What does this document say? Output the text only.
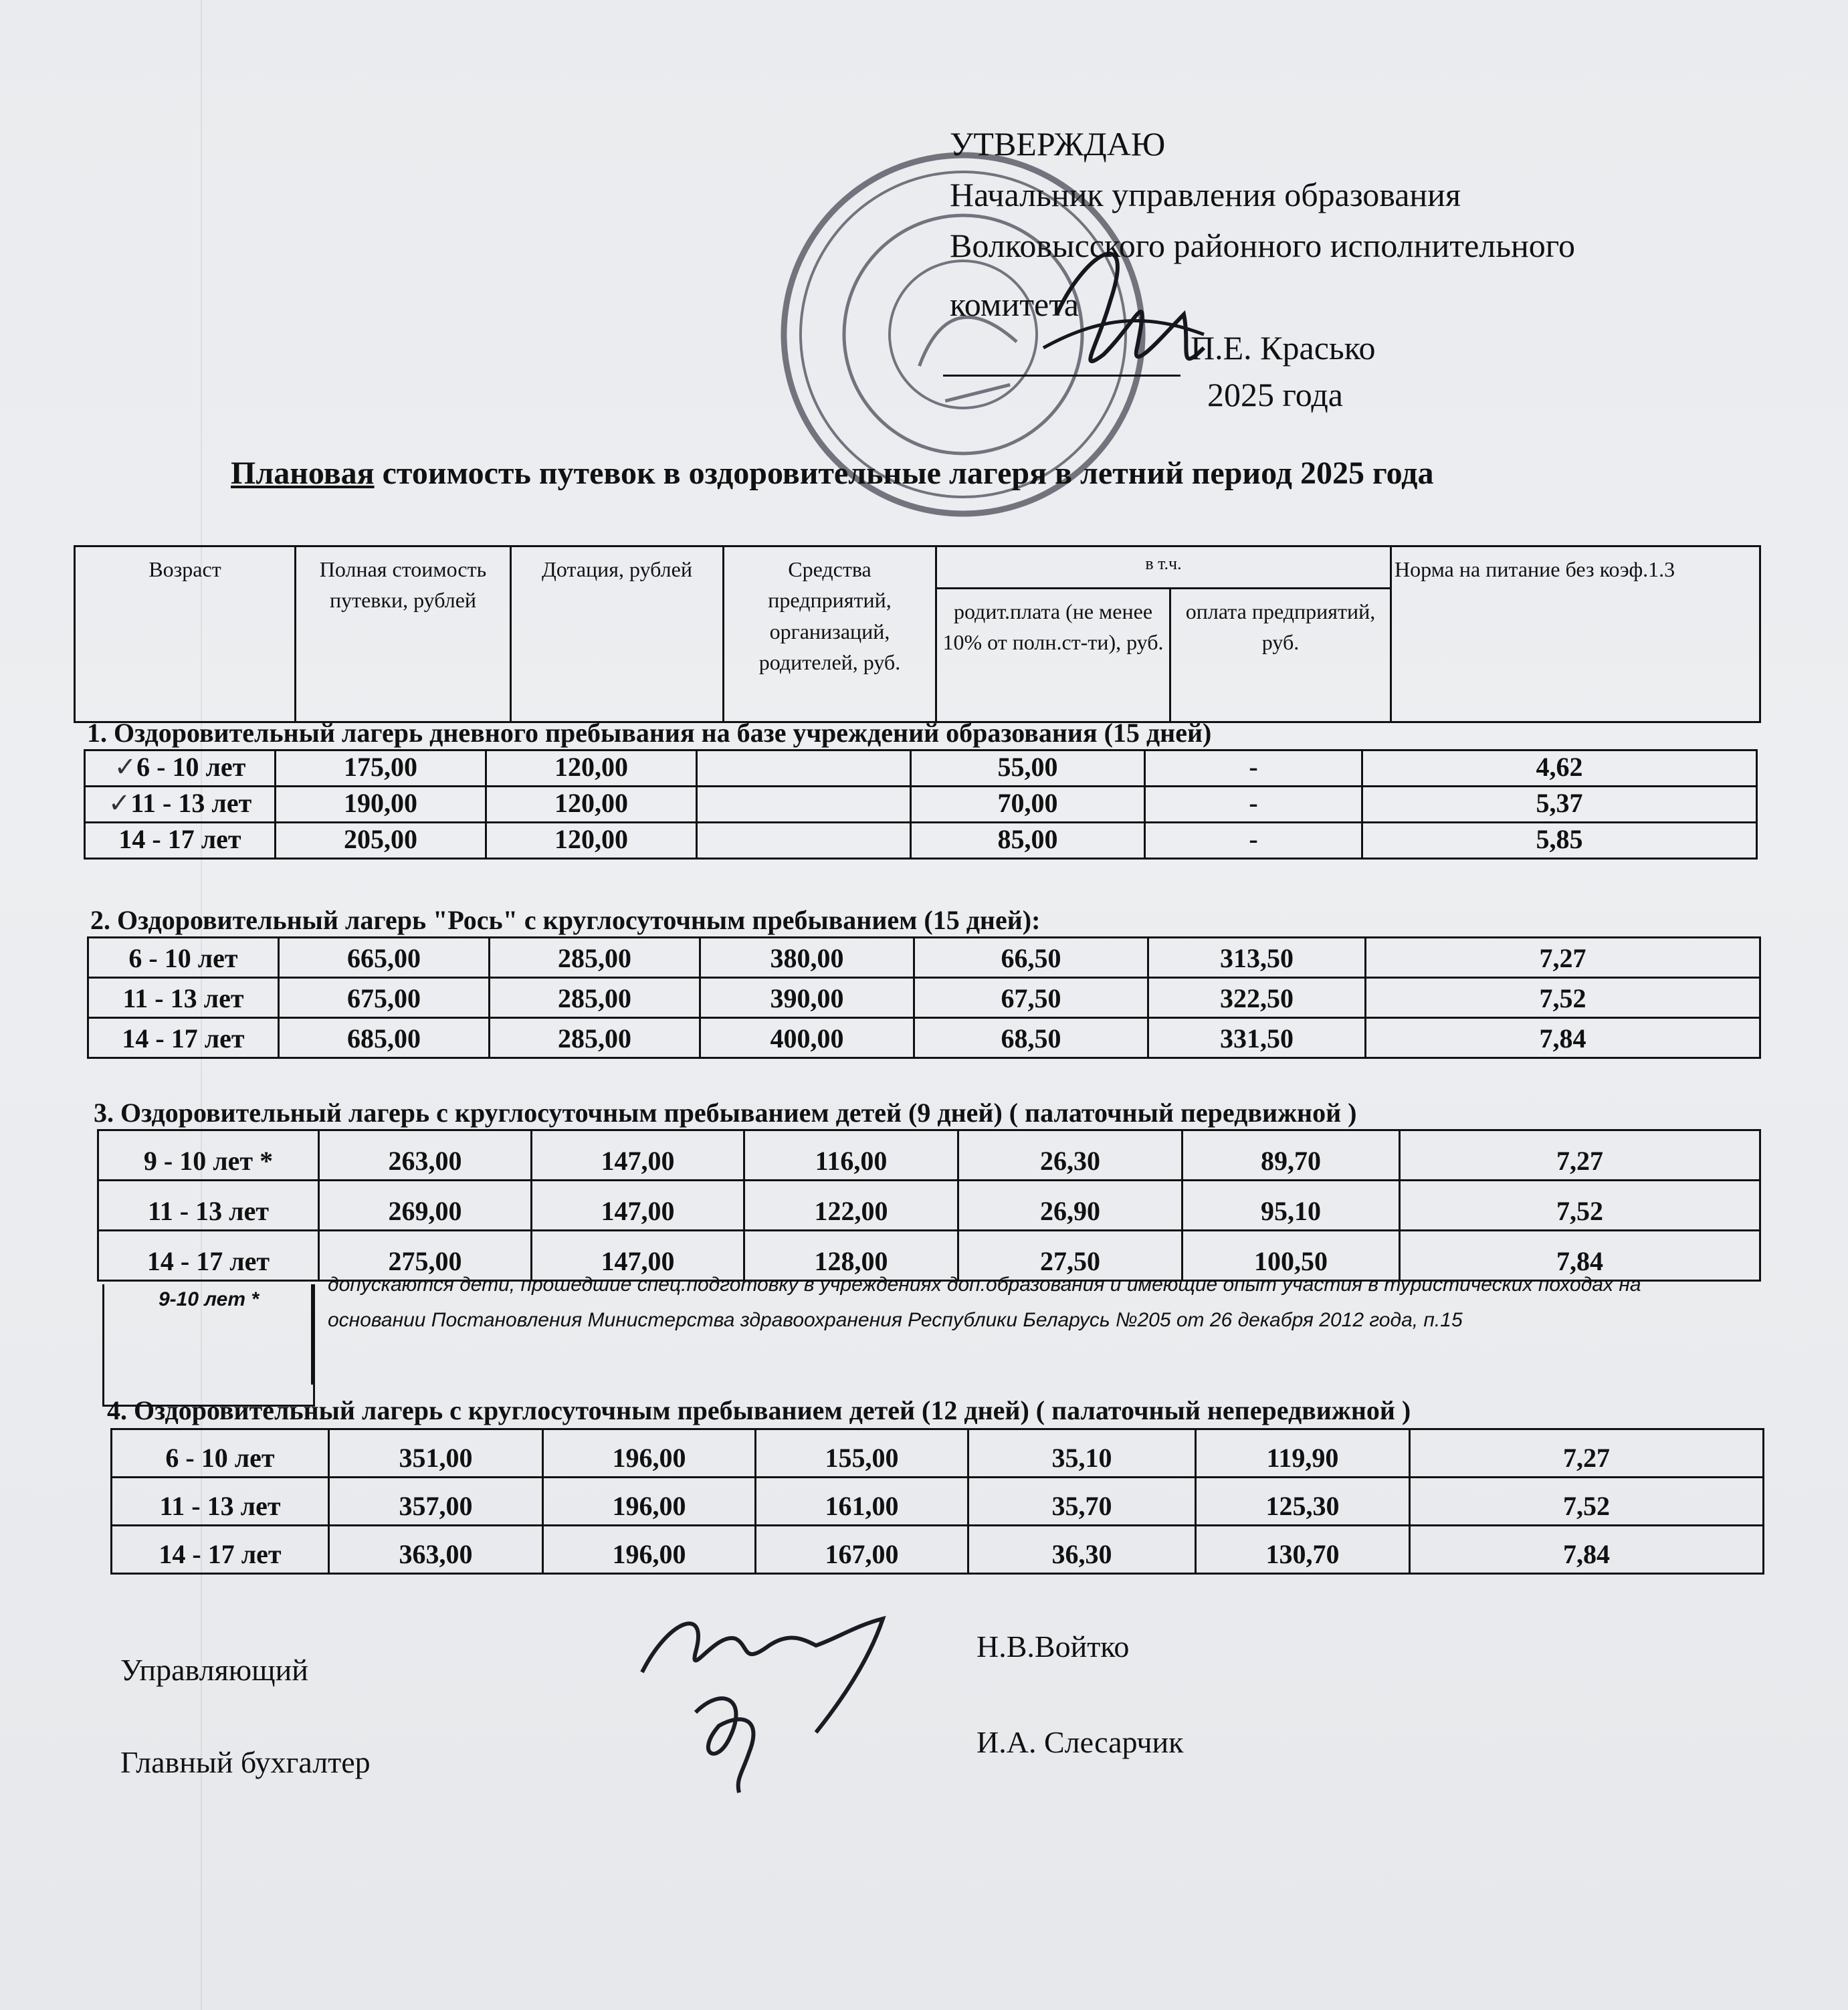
УТВЕРЖДАЮ
Начальник управления образования
Волковысского районного исполнительного
комитета
П.Е. Красько
2025 года
Плановая стоимость путевок в оздоровительные лагеря в летний период 2025 года
Возраст	Полная стоимость путевки, рублей	Дотация, рублей	Средства предприятий, организаций, родителей, руб.	в т.ч.		Норма на питание без коэф.1.3
				родит.плата (не менее 10% от полн.ст-ти), руб.	оплата предприятий, руб.	
1. Оздоровительный лагерь дневного пребывания на базе учреждений образования (15 дней)
✓6 - 10 лет	175,00	120,00		55,00	-	4,62
✓11 - 13 лет	190,00	120,00		70,00	-	5,37
14 - 17 лет	205,00	120,00		85,00	-	5,85
2. Оздоровительный лагерь "Рось" с круглосуточным пребыванием (15 дней):
6 - 10 лет	665,00	285,00	380,00	66,50	313,50	7,27
11 - 13 лет	675,00	285,00	390,00	67,50	322,50	7,52
14 - 17 лет	685,00	285,00	400,00	68,50	331,50	7,84
3. Оздоровительный лагерь с круглосуточным пребыванием детей (9 дней) ( палаточный передвижной )
9 - 10 лет *	263,00	147,00	116,00	26,30	89,70	7,27
11 - 13 лет	269,00	147,00	122,00	26,90	95,10	7,52
14 - 17 лет	275,00	147,00	128,00	27,50	100,50	7,84
9-10 лет *
допускаются дети, прошедшие спец.подготовку в учреждениях доп.образования и имеющие опыт участия в туристических походах на основании Постановления Министерства здравоохранения Республики Беларусь №205 от 26 декабря 2012 года, п.15
4. Оздоровительный лагерь с круглосуточным пребыванием детей (12 дней) ( палаточный непередвижной )
6 - 10 лет	351,00	196,00	155,00	35,10	119,90	7,27
11 - 13 лет	357,00	196,00	161,00	35,70	125,30	7,52
14 - 17 лет	363,00	196,00	167,00	36,30	130,70	7,84
Управляющий
Н.В.Войтко
Главный бухгалтер
И.А. Слесарчик
